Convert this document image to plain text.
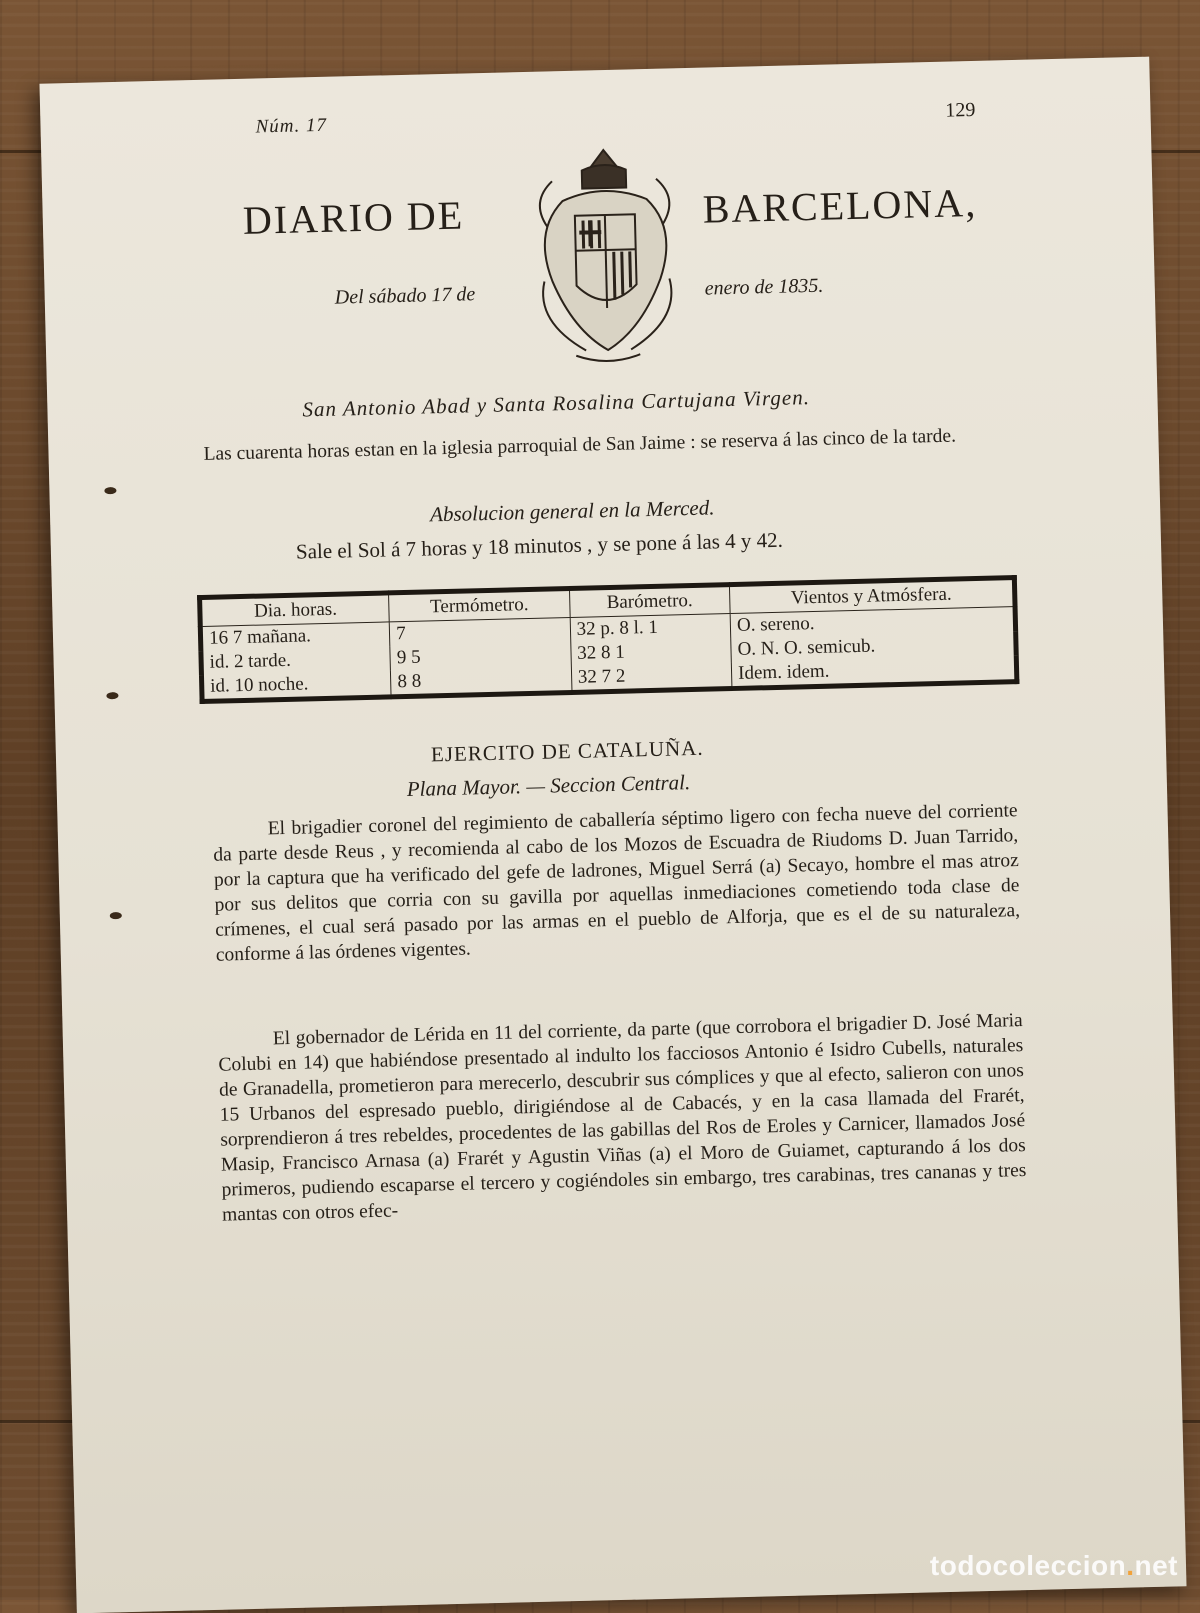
Núm. 17
129
DIARIO DE	BARCELONA,
Del sábado 17 de	enero de 1835.
San Antonio Abad y Santa Rosalina Cartujana Virgen.
Las cuarenta horas estan en la iglesia parroquial de San Jaime : se reserva á las cinco de la tarde.
Absolucion general en la Merced.
Sale el Sol á 7 horas y 18 minutos , y se pone á las 4 y 42.
Dia. horas.	Termómetro.	Barómetro.	Vientos y Atmósfera.
16 7 mañana.	7	32 p. 8 l. 1	O. sereno.
id. 2 tarde.	9 5	32 8 1	O. N. O. semicub.
id. 10 noche.	8 8	32 7 2	Idem. idem.
EJERCITO DE CATALUÑA.
Plana Mayor. — Seccion Central.
El brigadier coronel del regimiento de caballería séptimo ligero con fecha nueve del corriente da parte desde Reus , y recomienda al cabo de los Mozos de Escuadra de Riudoms D. Juan Tarrido, por la captura que ha verificado del gefe de ladrones, Miguel Serrá (a) Secayo, hombre el mas atroz por sus delitos que corria con su gavilla por aquellas inmediaciones cometiendo toda clase de crímenes, el cual será pasado por las armas en el pueblo de Alforja, que es el de su naturaleza, conforme á las órdenes vigentes.
El gobernador de Lérida en 11 del corriente, da parte (que corrobora el brigadier D. José Maria Colubi en 14) que habiéndose presentado al indulto los facciosos Antonio é Isidro Cubells, naturales de Granadella, prometieron para merecerlo, descubrir sus cómplices y que al efecto, salieron con unos 15 Urbanos del espresado pueblo, dirigiéndose al de Cabacés, y en la casa llamada del Frarét, sorprendieron á tres rebeldes, procedentes de las gabillas del Ros de Eroles y Carnicer, llamados José Masip, Francisco Arnasa (a) Frarét y Agustin Viñas (a) el Moro de Guiamet, capturando á los dos primeros, pudiendo escaparse el tercero y cogiéndoles sin embargo, tres carabinas, tres cananas y tres mantas con otros efec-
todocoleccion.net
